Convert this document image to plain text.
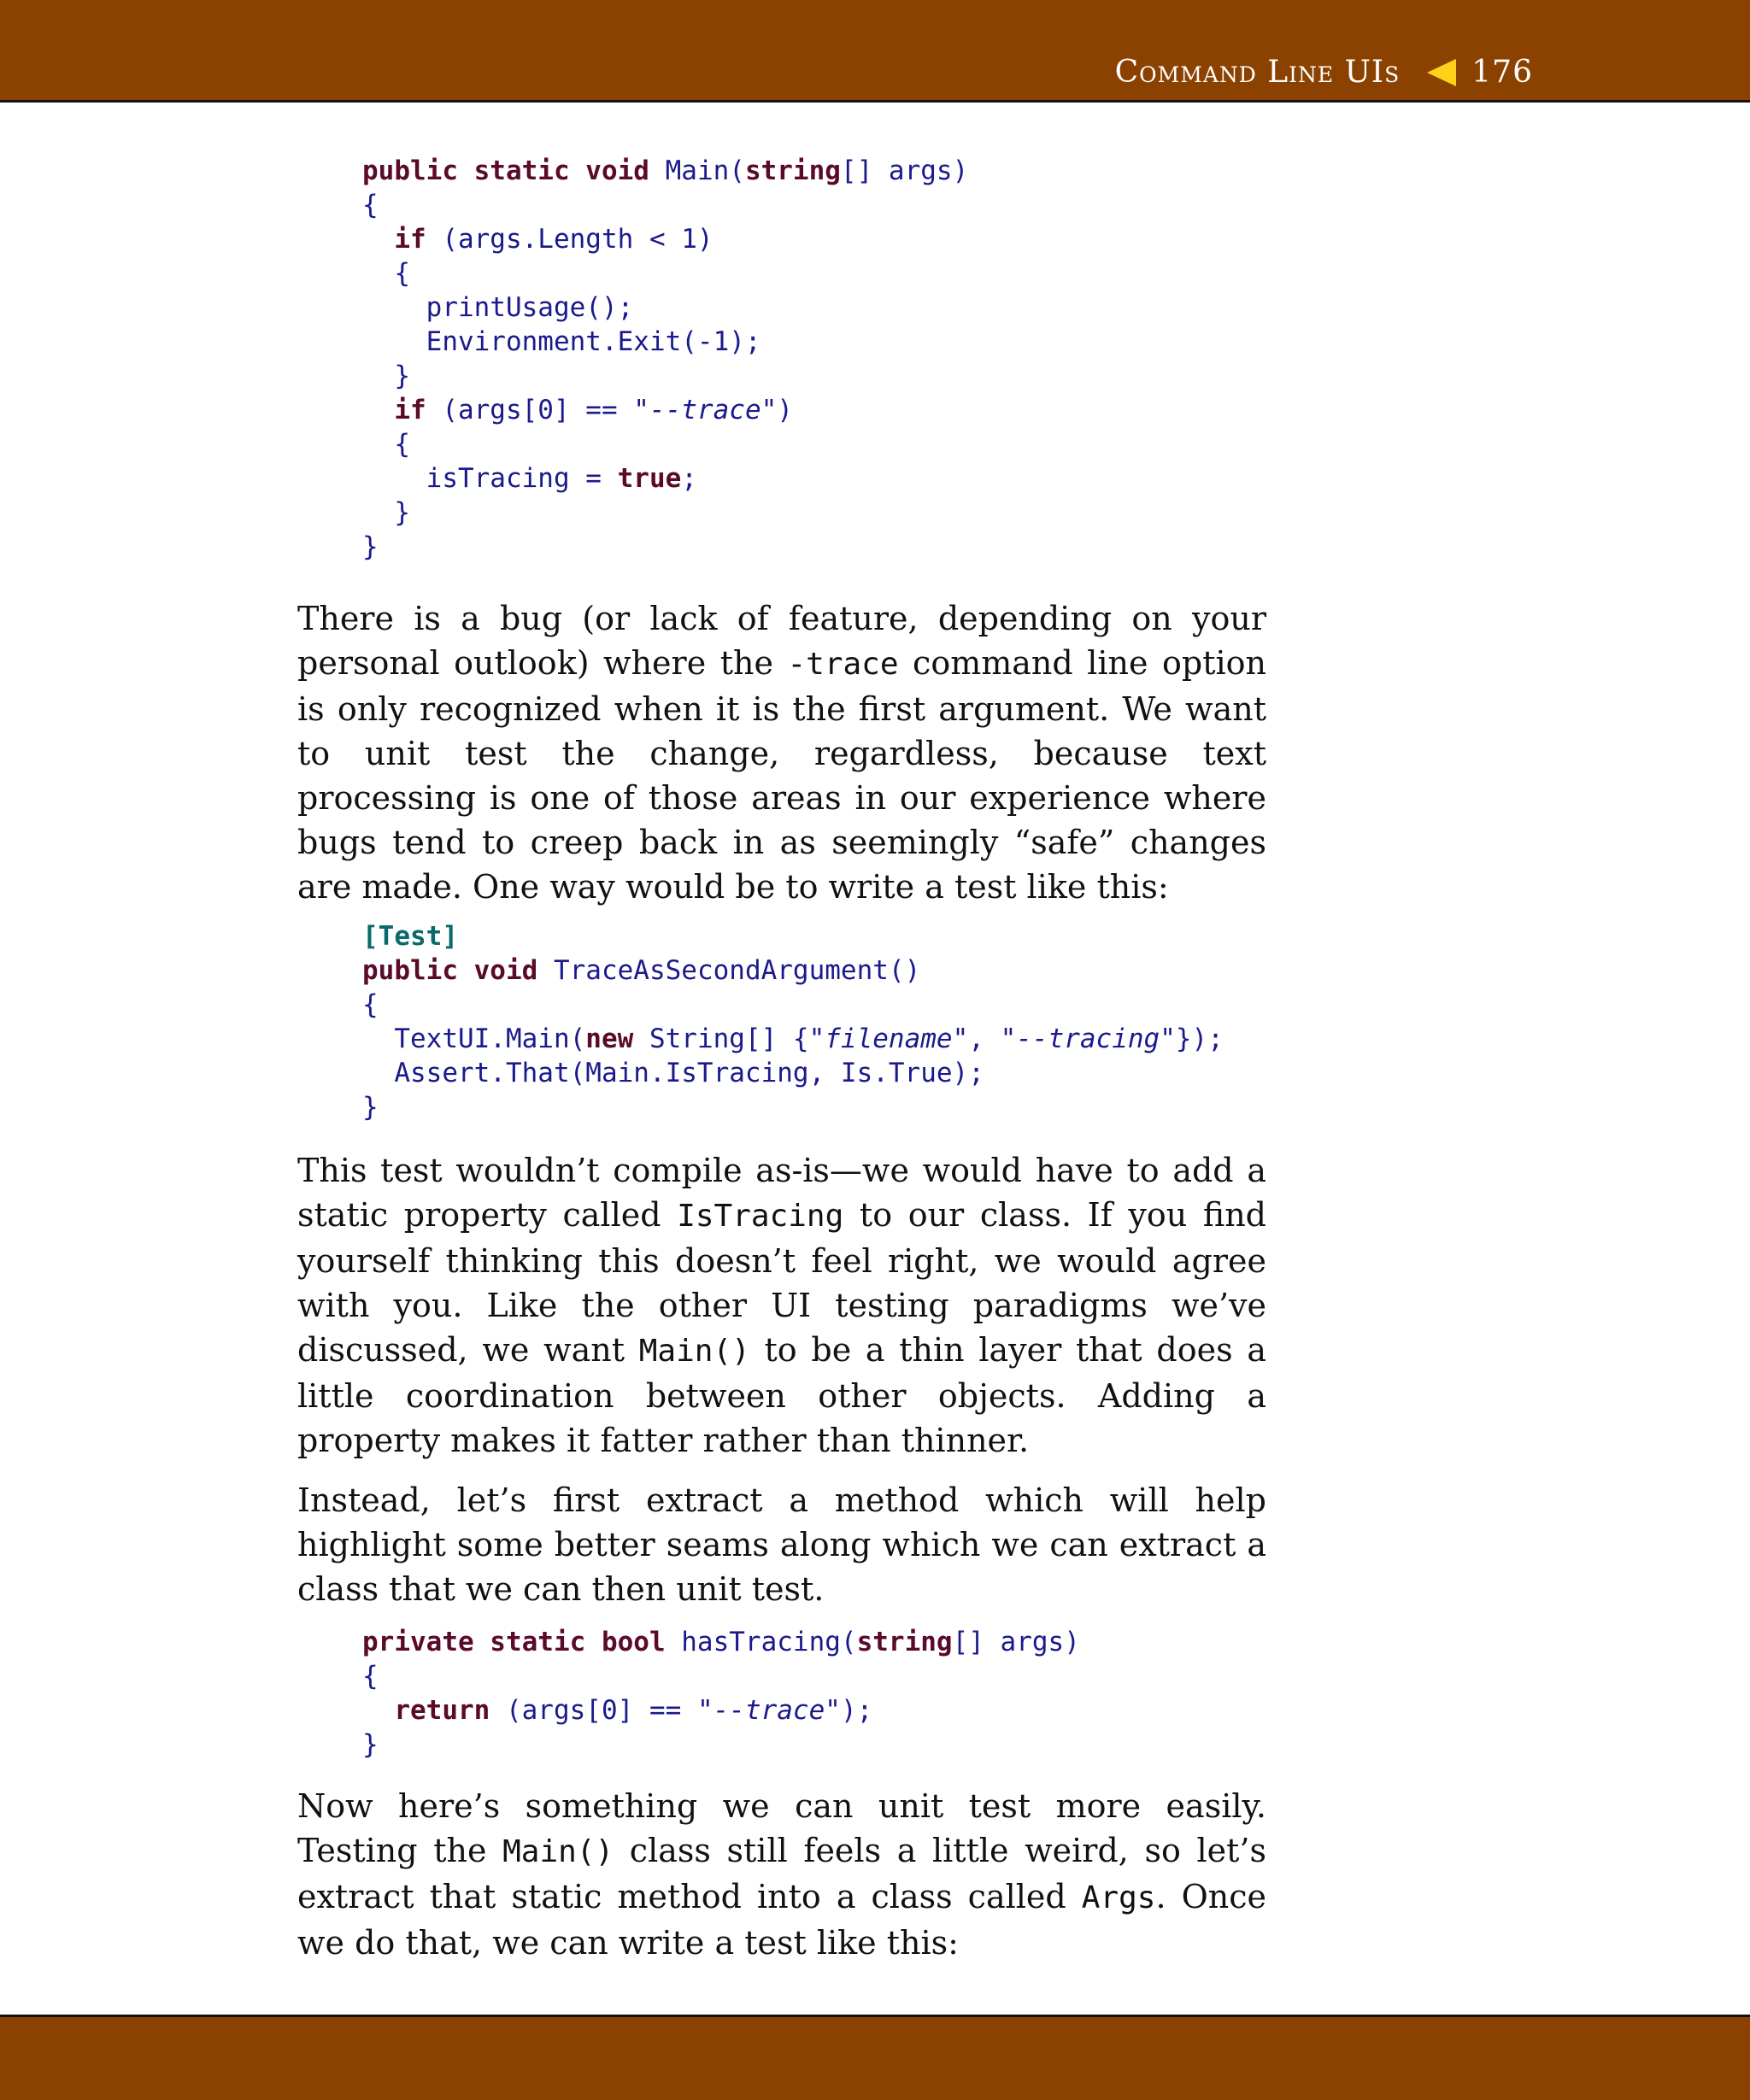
Command Line UIs 176
public static void Main(string[] args)
{
if (args.Length < 1)
{
printUsage();
Environment.Exit(-1);
}
if (args[0] == "--trace")
{
isTracing = true;
}
}

There is a bug (or lack of feature, depending on your personal outlook) where the -trace command line option is only recognized when it is the first argument. We want to unit test the change, regardless, because text processing is one of those areas in our experience where bugs tend to creep back in as seemingly “safe” changes are made. One way would be to write a test like this:

[Test]
public void TraceAsSecondArgument()
{
TextUI.Main(new String[] {"filename", "--tracing"});
Assert.That(Main.IsTracing, Is.True);
}

This test wouldn’t compile as-is—we would have to add a static property called IsTracing to our class. If you find yourself thinking this doesn’t feel right, we would agree with you. Like the other UI testing paradigms we’ve discussed, we want Main() to be a thin layer that does a little coordination between other objects. Adding a property makes it fatter rather than thinner.

Instead, let’s first extract a method which will help highlight some better seams along which we can extract a class that we can then unit test.

private static bool hasTracing(string[] args)
{
return (args[0] == "--trace");
}

Now here’s something we can unit test more easily. Testing the Main() class still feels a little weird, so let’s extract that static method into a class called Args. Once we do that, we can write a test like this:
